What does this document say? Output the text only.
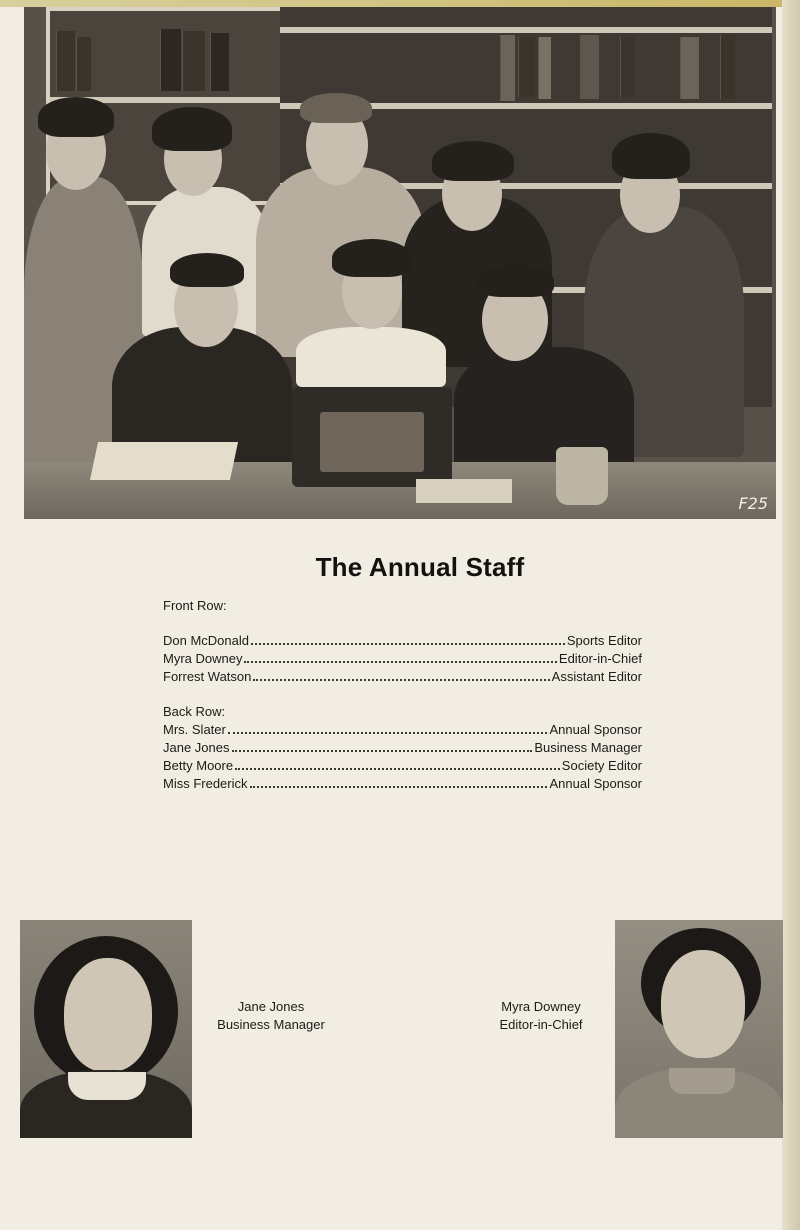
F25
The Annual Staff
Front Row:
Don McDonald	Sports Editor
Myra Downey	Editor-in-Chief
Forrest Watson	Assistant Editor
Back Row:
Mrs. Slater	Annual Sponsor
Jane Jones	Business Manager
Betty Moore	Society Editor
Miss Frederick	Annual Sponsor
Jane Jones
Business Manager
Myra Downey
Editor-in-Chief
